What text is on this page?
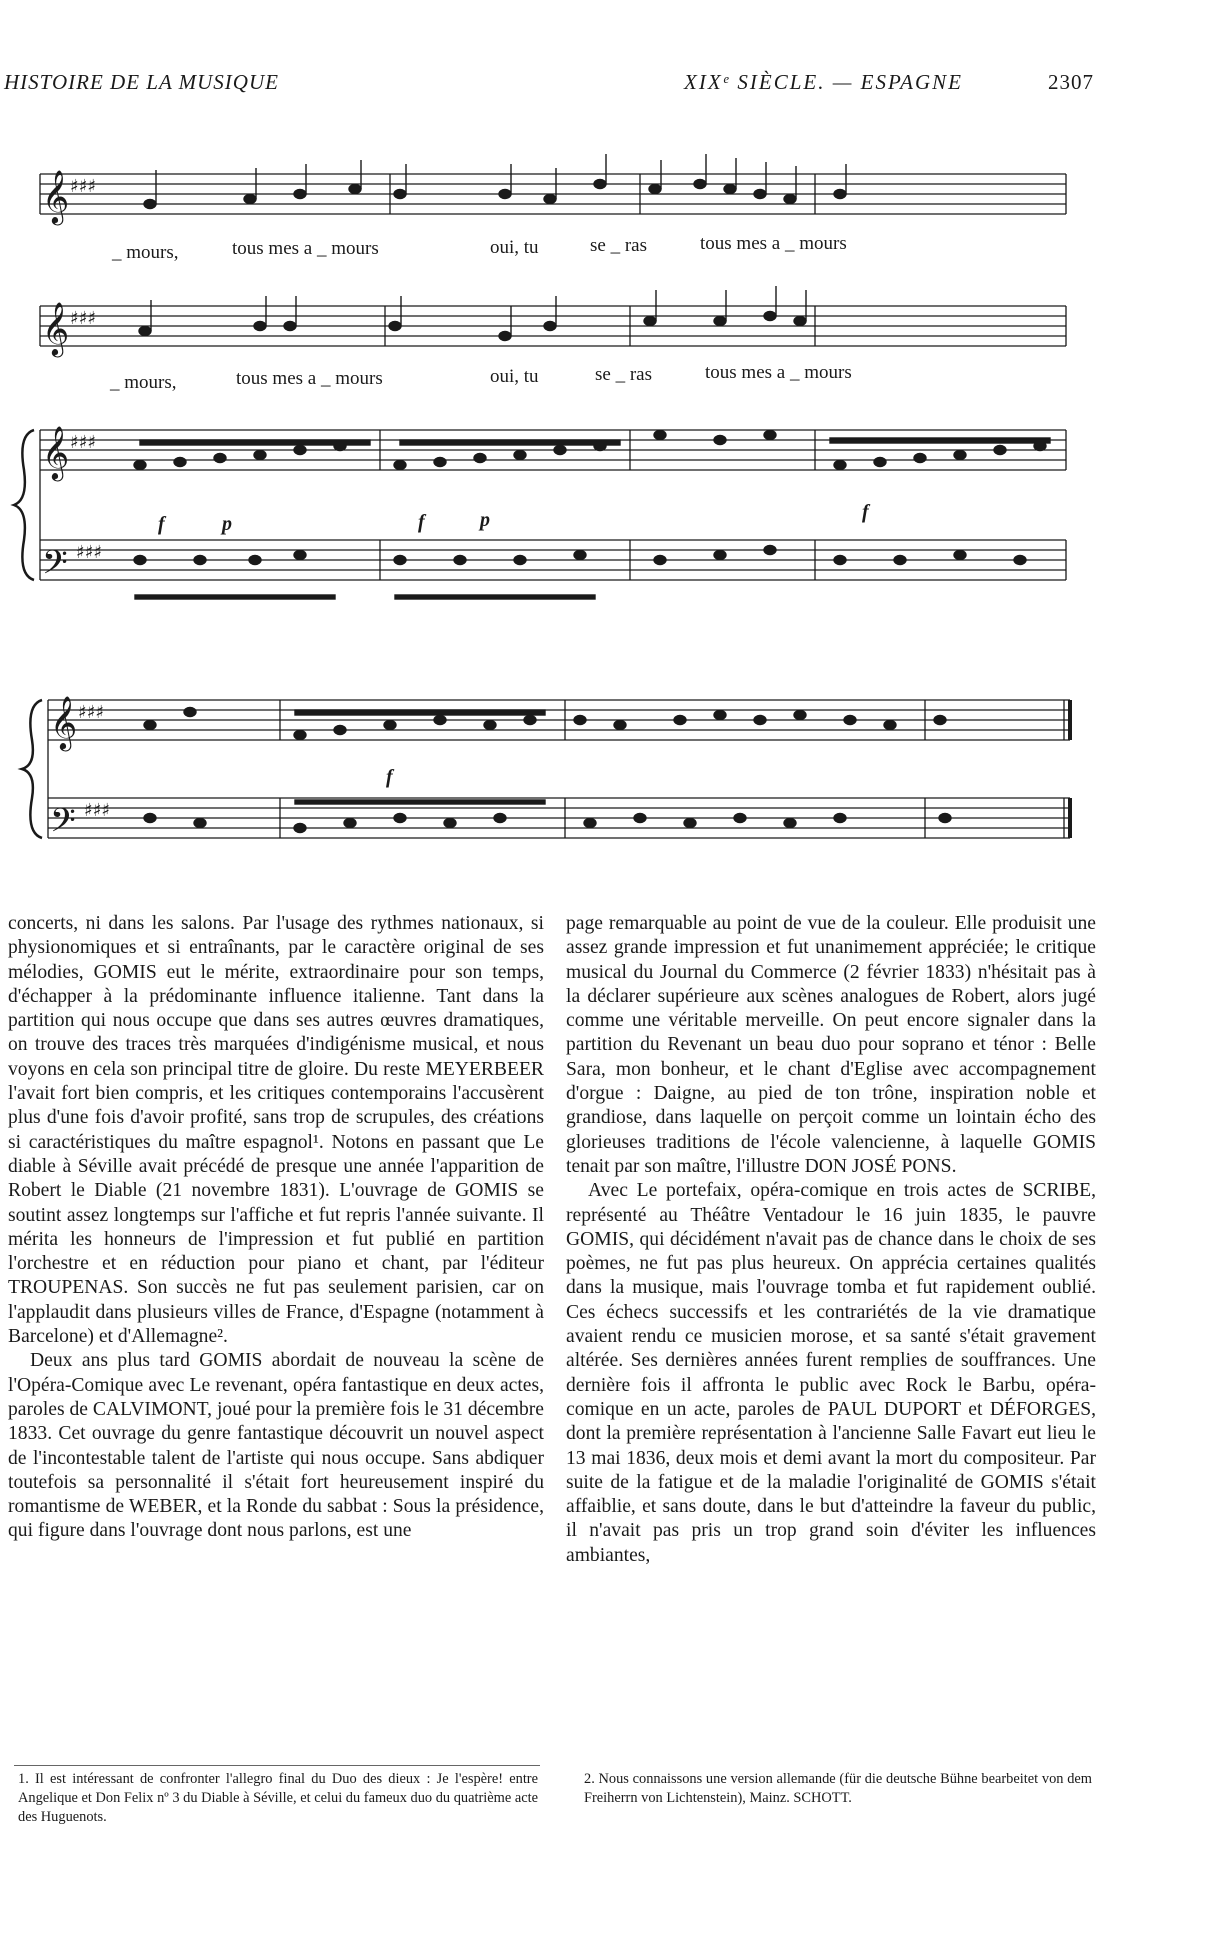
HISTOIRE DE LA MUSIQUE	XIXᵉ SIÈCLE. — ESPAGNE	2307
𝄞 ♯♯♯
𝄞 ♯♯♯
𝄞 ♯♯♯
𝄢 ♯♯♯
𝄞 ♯♯♯
𝄢 ♯♯♯
_ mours,	tous mes a _ mours	oui, tu	se _ ras	tous mes a _ mours
_ mours,	tous mes a _ mours	oui, tu	se _ ras	tous mes a _ mours
f	p	f	p	f
f

concerts, ni dans les salons. Par l'usage des rythmes nationaux, si physionomiques et si entraînants, par le caractère original de ses mélodies, GOMIS eut le mérite, extraordinaire pour son temps, d'échapper à la prédominante influence italienne. Tant dans la partition qui nous occupe que dans ses autres œuvres dramatiques, on trouve des traces très marquées d'indigénisme musical, et nous voyons en cela son principal titre de gloire. Du reste MEYERBEER l'avait fort bien compris, et les critiques contemporains l'accusèrent plus d'une fois d'avoir profité, sans trop de scrupules, des créations si caractéristiques du maître espagnol¹. Notons en passant que Le diable à Séville avait précédé de presque une année l'apparition de Robert le Diable (21 novembre 1831). L'ouvrage de GOMIS se soutint assez longtemps sur l'affiche et fut repris l'année suivante. Il mérita les honneurs de l'impression et fut publié en partition l'orchestre et en réduction pour piano et chant, par l'éditeur TROUPENAS. Son succès ne fut pas seulement parisien, car on l'applaudit dans plusieurs villes de France, d'Espagne (notamment à Barcelone) et d'Allemagne².

Deux ans plus tard GOMIS abordait de nouveau la scène de l'Opéra-Comique avec Le revenant, opéra fantastique en deux actes, paroles de CALVIMONT, joué pour la première fois le 31 décembre 1833. Cet ouvrage du genre fantastique découvrit un nouvel aspect de l'incontestable talent de l'artiste qui nous occupe. Sans abdiquer toutefois sa personnalité il s'était fort heureusement inspiré du romantisme de WEBER, et la Ronde du sabbat : Sous la présidence, qui figure dans l'ouvrage dont nous parlons, est une

page remarquable au point de vue de la couleur. Elle produisit une assez grande impression et fut unanimement appréciée; le critique musical du Journal du Commerce (2 février 1833) n'hésitait pas à la déclarer supérieure aux scènes analogues de Robert, alors jugé comme une véritable merveille. On peut encore signaler dans la partition du Revenant un beau duo pour soprano et ténor : Belle Sara, mon bonheur, et le chant d'Eglise avec accompagnement d'orgue : Daigne, au pied de ton trône, inspiration noble et grandiose, dans laquelle on perçoit comme un lointain écho des glorieuses traditions de l'école valencienne, à laquelle GOMIS tenait par son maître, l'illustre DON JOSÉ PONS.

Avec Le portefaix, opéra-comique en trois actes de SCRIBE, représenté au Théâtre Ventadour le 16 juin 1835, le pauvre GOMIS, qui décidément n'avait pas de chance dans le choix de ses poèmes, ne fut pas plus heureux. On apprécia certaines qualités dans la musique, mais l'ouvrage tomba et fut rapidement oublié. Ces échecs successifs et les contrariétés de la vie dramatique avaient rendu ce musicien morose, et sa santé s'était gravement altérée. Ses dernières années furent remplies de souffrances. Une dernière fois il affronta le public avec Rock le Barbu, opéra-comique en un acte, paroles de PAUL DUPORT et DÉFORGES, dont la première représentation à l'ancienne Salle Favart eut lieu le 13 mai 1836, deux mois et demi avant la mort du compositeur. Par suite de la fatigue et de la maladie l'originalité de GOMIS s'était affaiblie, et sans doute, dans le but d'atteindre la faveur du public, il n'avait pas pris un trop grand soin d'éviter les influences ambiantes,

1. Il est intéressant de confronter l'allegro final du Duo des dieux : Je l'espère! entre Angelique et Don Felix nº 3 du Diable à Séville, et celui du fameux duo du quatrième acte des Huguenots.
2. Nous connaissons une version allemande (für die deutsche Bühne bearbeitet von dem Freiherrn von Lichtenstein), Mainz. SCHOTT.
